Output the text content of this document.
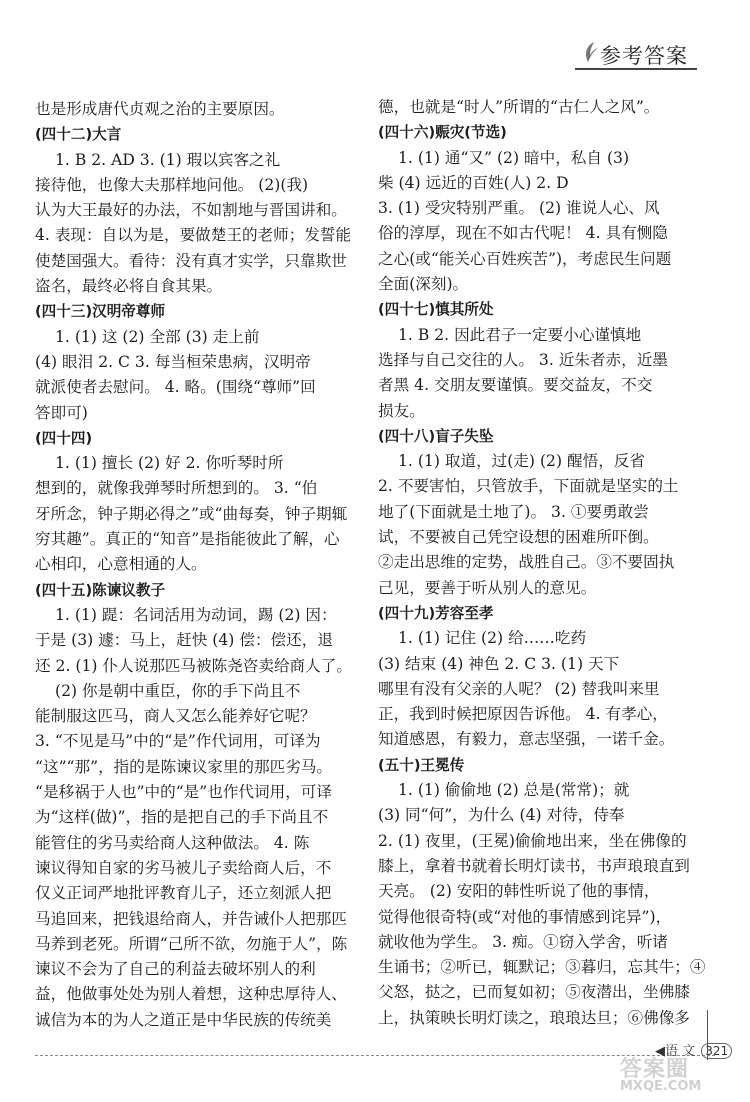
参考答案
也是形成唐代贞观之治的主要原因。
(四十二)大言
1. B 2. AD 3. (1) 瑕以宾客之礼
接待他，也像大夫那样地问他。 (2)(我)
认为大王最好的办法，不如割地与晋国讲和。
4. 表现：自以为是，要做楚王的老师；发誓能
使楚国强大。看待：没有真才实学，只靠欺世
盗名，最终必将自食其果。
(四十三)汉明帝尊师
1. (1) 这 (2) 全部 (3) 走上前
(4) 眼泪 2. C 3. 每当桓荣患病，汉明帝
就派使者去慰问。 4. 略。(围绕“尊师”回
答即可)
(四十四)
1. (1) 擅长 (2) 好 2. 你听琴时所
想到的，就像我弹琴时所想到的。 3. “伯
牙所念，钟子期必得之”或“曲每奏，钟子期辄
穷其趣”。真正的“知音”是指能彼此了解，心
心相印，心意相通的人。
(四十五)陈谏议教子
1. (1) 踶：名词活用为动词，踢 (2) 因：
于是 (3) 遽：马上，赶快 (4) 偿：偿还，退
还 2. (1) 仆人说那匹马被陈尧咨卖给商人了。
(2) 你是朝中重臣，你的手下尚且不
能制服这匹马，商人又怎么能养好它呢？
3. “不见是马”中的“是”作代词用，可译为
“这”“那”，指的是陈谏议家里的那匹劣马。
“是移祸于人也”中的“是”也作代词用，可译
为“这样(做)”，指的是把自己的手下尚且不
能管住的劣马卖给商人这种做法。 4. 陈
谏议得知自家的劣马被儿子卖给商人后，不
仅义正词严地批评教育儿子，还立刻派人把
马追回来，把钱退给商人，并告诫仆人把那匹
马养到老死。所谓“己所不欲，勿施于人”，陈
谏议不会为了自己的利益去破坏别人的利
益，他做事处处为别人着想，这种忠厚待人、
诚信为本的为人之道正是中华民族的传统美
德，也就是“时人”所谓的“古仁人之风”。
(四十六)赈灾(节选)
1. (1) 通“又” (2) 暗中，私自 (3)
柴 (4) 远近的百姓(人) 2. D
3. (1) 受灾特别严重。 (2) 谁说人心、风
俗的淳厚，现在不如古代呢！ 4. 具有恻隐
之心(或“能关心百姓疾苦”)，考虑民生问题
全面(深刻)。
(四十七)慎其所处
1. B 2. 因此君子一定要小心谨慎地
选择与自己交往的人。 3. 近朱者赤，近墨
者黑 4. 交朋友要谨慎。要交益友，不交
损友。
(四十八)盲子失坠
1. (1) 取道，过(走) (2) 醒悟，反省
2. 不要害怕，只管放手，下面就是坚实的土
地了(下面就是土地了)。 3. ①要勇敢尝
试，不要被自己凭空设想的困难所吓倒。
②走出思维的定势，战胜自己。③不要固执
己见，要善于听从别人的意见。
(四十九)芳容至孝
1. (1) 记住 (2) 给……吃药
(3) 结束 (4) 神色 2. C 3. (1) 天下
哪里有没有父亲的人呢？ (2) 替我叫来里
正，我到时候把原因告诉他。 4. 有孝心，
知道感恩，有毅力，意志坚强，一诺千金。
(五十)王冕传
1. (1) 偷偷地 (2) 总是(常常)；就
(3) 同“何”，为什么 (4) 对待，侍奉
2. (1) 夜里，(王冕)偷偷地出来，坐在佛像的
膝上，拿着书就着长明灯读书，书声琅琅直到
天亮。 (2) 安阳的韩性听说了他的事情，
觉得他很奇特(或“对他的事情感到诧异”)，
就收他为学生。 3. 痴。①窃入学舍，听诸
生诵书；②听已，辄默记；③暮归，忘其牛；④
父怒，挞之，已而复如初；⑤夜潜出，坐佛膝
上，执策映长明灯读之，琅琅达旦；⑥佛像多
◀语 文 321
答案圈
MXQE.COM
